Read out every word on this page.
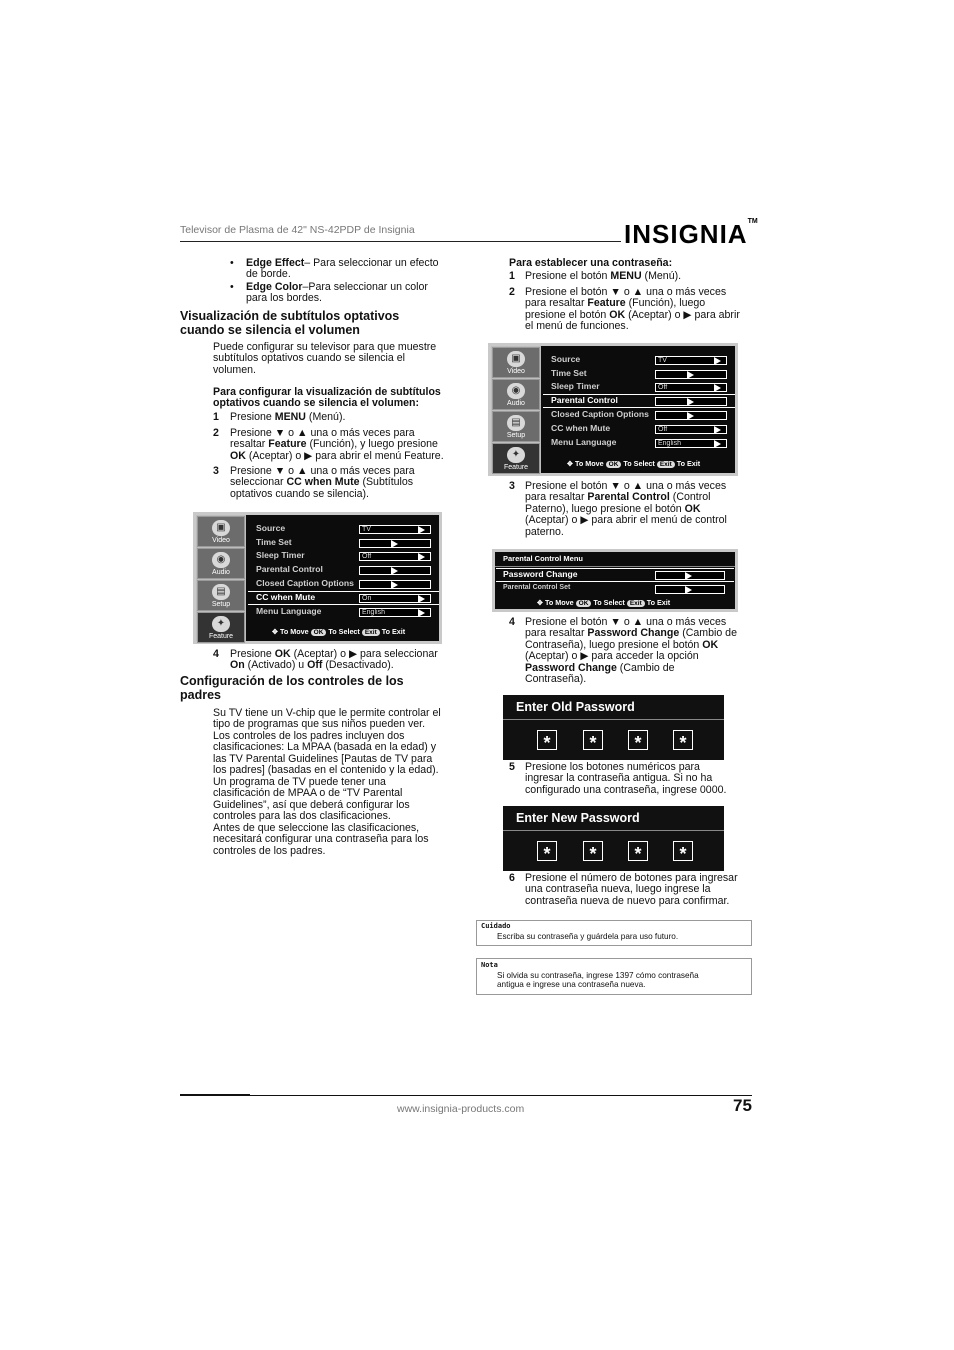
Televisor de Plasma de 42" NS-42PDP de Insignia	INSIGNIA™
• Edge Effect– Para seleccionar un efecto
de borde.
• Edge Color–Para seleccionar un color
para los bordes.
Visualización de subtítulos optativos
cuando se silencia el volumen
Puede configurar su televisor para que muestre
subtítulos optativos cuando se silencia el
volumen.
Para configurar la visualización de subtítulos
optativos cuando se silencia el volumen:
1 Presione MENU (Menú).
2 Presione ▼ o ▲ una o más veces para
resaltar Feature (Función), y luego presione
OK (Aceptar) o ▶ para abrir el menú Feature.
3 Presione ▼ o ▲ una o más veces para
seleccionar CC when Mute (Subtítulos
optativos cuando se silencia).
▣
Video
◉
Audio
▤
Setup
✦
Feature
Source	TV
Time Set
Sleep Timer	Off
Parental Control
Closed Caption Options
CC when Mute	On
Menu Language	English
✥ To Move OK To Select Exit To Exit
4 Presione OK (Aceptar) o ▶ para seleccionar
On (Activado) u Off (Desactivado).
Configuración de los controles de los
padres
Su TV tiene un V-chip que le permite controlar el
tipo de programas que sus niños pueden ver.
Los controles de los padres incluyen dos
clasificaciones: La MPAA (basada en la edad) y
las TV Parental Guidelines [Pautas de TV para
los padres] (basadas en el contenido y la edad).
Un programa de TV puede tener una
clasificación de MPAA o de “TV Parental
Guidelines”, así que deberá configurar los
controles para las dos clasificaciones.
Antes de que seleccione las clasificaciones,
necesitará configurar una contraseña para los
controles de los padres.
Para establecer una contraseña:
1 Presione el botón MENU (Menú).
2 Presione el botón ▼ o ▲ una o más veces
para resaltar Feature (Función), luego
presione el botón OK (Aceptar) o ▶ para abrir
el menú de funciones.
▣
Video
◉
Audio
▤
Setup
✦
Feature
Source	TV
Time Set
Sleep Timer	Off
Parental Control
Closed Caption Options
CC when Mute	Off
Menu Language	English
✥ To Move OK To Select Exit To Exit
3 Presione el botón ▼ o ▲ una o más veces
para resaltar Parental Control (Control
Paterno), luego presione el botón OK
(Aceptar) o ▶ para abrir el menú de control
paterno.
Parental Control Menu
Password Change
Parental Control Set
✥ To Move OK To Select Exit To Exit
4 Presione el botón ▼ o ▲ una o más veces
para resaltar Password Change (Cambio de
Contraseña), luego presione el botón OK
(Aceptar) o ▶ para acceder la opción
Password Change (Cambio de
Contraseña).
Enter Old Password
*	*	*	*
5 Presione los botones numéricos para
ingresar la contraseña antigua. Si no ha
configurado una contraseña, ingrese 0000.
Enter New Password
*	*	*	*
6 Presione el número de botones para ingresar
una contraseña nueva, luego ingrese la
contraseña nueva de nuevo para confirmar.
Cuidado
Escriba su contraseña y guárdela para uso futuro.
Nota
Si olvida su contraseña, ingrese 1397 cómo contraseña
antigua e ingrese una contraseña nueva.
www.insignia-products.com	75
